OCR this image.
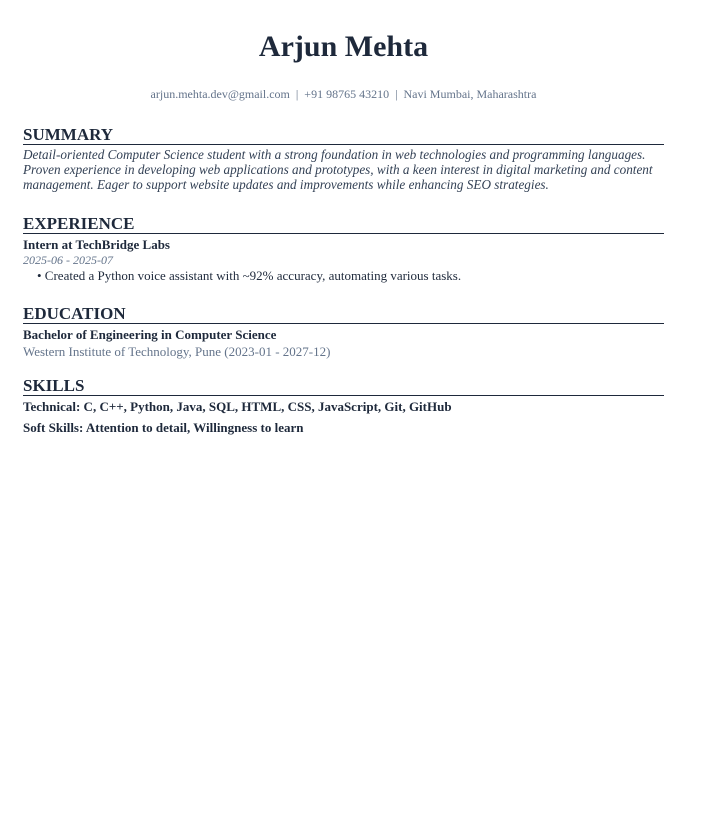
Arjun Mehta
arjun.mehta.dev@gmail.com | +91 98765 43210 | Navi Mumbai, Maharashtra
SUMMARY
Detail-oriented Computer Science student with a strong foundation in web technologies and programming languages.
Proven experience in developing web applications and prototypes, with a keen interest in digital marketing and content
management. Eager to support website updates and improvements while enhancing SEO strategies.
EXPERIENCE
Intern at TechBridge Labs
2025-06 - 2025-07
• Created a Python voice assistant with ~92% accuracy, automating various tasks.
EDUCATION
Bachelor of Engineering in Computer Science
Western Institute of Technology, Pune (2023-01 - 2027-12)
SKILLS
Technical: C, C++, Python, Java, SQL, HTML, CSS, JavaScript, Git, GitHub
Soft Skills: Attention to detail, Willingness to learn
